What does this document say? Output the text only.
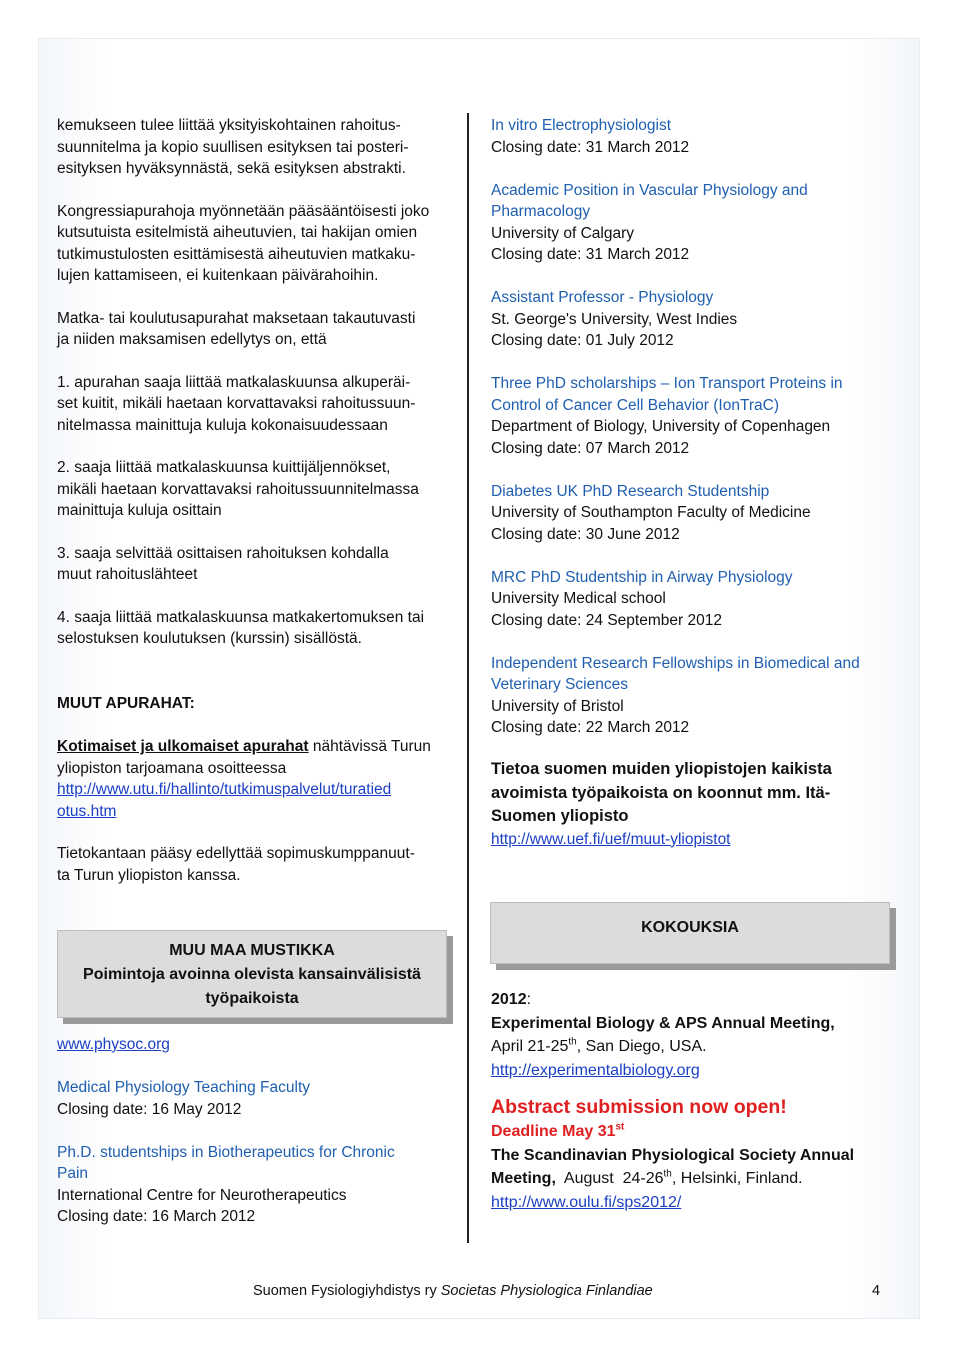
kemukseen tulee liittää yksityiskohtainen rahoitus-
suunnitelma ja kopio suullisen esityksen tai posteri-
esityksen hyväksynnästä, sekä esityksen abstrakti.

Kongressiapurahoja myönnetään pääsääntöisesti joko
kutsutuista esitelmistä aiheutuvien, tai hakijan omien
tutkimustulosten esittämisestä aiheutuvien matkaku-
lujen kattamiseen, ei kuitenkaan päivärahoihin.

Matka- tai koulutusapurahat maksetaan takautuvasti
ja niiden maksamisen edellytys on, että

1. apurahan saaja liittää matkalaskuunsa alkuperäi-
set kuitit, mikäli haetaan korvattavaksi rahoitussuun-
nitelmassa mainittuja kuluja kokonaisuudessaan

2. saaja liittää matkalaskuunsa kuittijäljennökset,
mikäli haetaan korvattavaksi rahoitussuunnitelmassa
mainittuja kuluja osittain

3. saaja selvittää osittaisen rahoituksen kohdalla
muut rahoituslähteet

4. saaja liittää matkalaskuunsa matkakertomuksen tai
selostuksen koulutuksen (kurssin) sisällöstä.

MUUT APURAHAT:

Kotimaiset ja ulkomaiset apurahat nähtävissä Turun
yliopiston tarjoamana osoitteessa
http://www.utu.fi/hallinto/tutkimuspalvelut/turatied
otus.htm

Tietokantaan pääsy edellyttää sopimuskumppanuut-
ta Turun yliopiston kanssa.

MUU MAA MUSTIKKA
Poimintoja avoinna olevista kansainvälisistä
työpaikoista
www.physoc.org
Medical Physiology Teaching Faculty
Closing date: 16 May 2012
Ph.D. studentships in Biotherapeutics for Chronic
Pain
International Centre for Neurotherapeutics
Closing date: 16 March 2012
In vitro Electrophysiologist
Closing date: 31 March 2012
Academic Position in Vascular Physiology and
Pharmacology
University of Calgary
Closing date: 31 March 2012
Assistant Professor - Physiology
St. George's University, West Indies
Closing date: 01 July 2012
Three PhD scholarships – Ion Transport Proteins in
Control of Cancer Cell Behavior (IonTraC)
Department of Biology, University of Copenhagen
Closing date: 07 March 2012
Diabetes UK PhD Research Studentship
University of Southampton Faculty of Medicine
Closing date: 30 June 2012
MRC PhD Studentship in Airway Physiology
University Medical school
Closing date: 24 September 2012
Independent Research Fellowships in Biomedical and
Veterinary Sciences
University of Bristol
Closing date: 22 March 2012
Tietoa suomen muiden yliopistojen kaikista
avoimista työpaikoista on koonnut mm. Itä-
Suomen yliopisto
http://www.uef.fi/uef/muut-yliopistot
KOKOUKSIA
2012:
Experimental Biology & APS Annual Meeting,
April 21-25th, San Diego, USA.
http://experimentalbiology.org
Abstract submission now open!
Deadline May 31st
The Scandinavian Physiological Society Annual
Meeting,  August  24-26th, Helsinki, Finland.
http://www.oulu.fi/sps2012/
Suomen Fysiologiyhdistys ry Societas Physiologica Finlandiae	4
